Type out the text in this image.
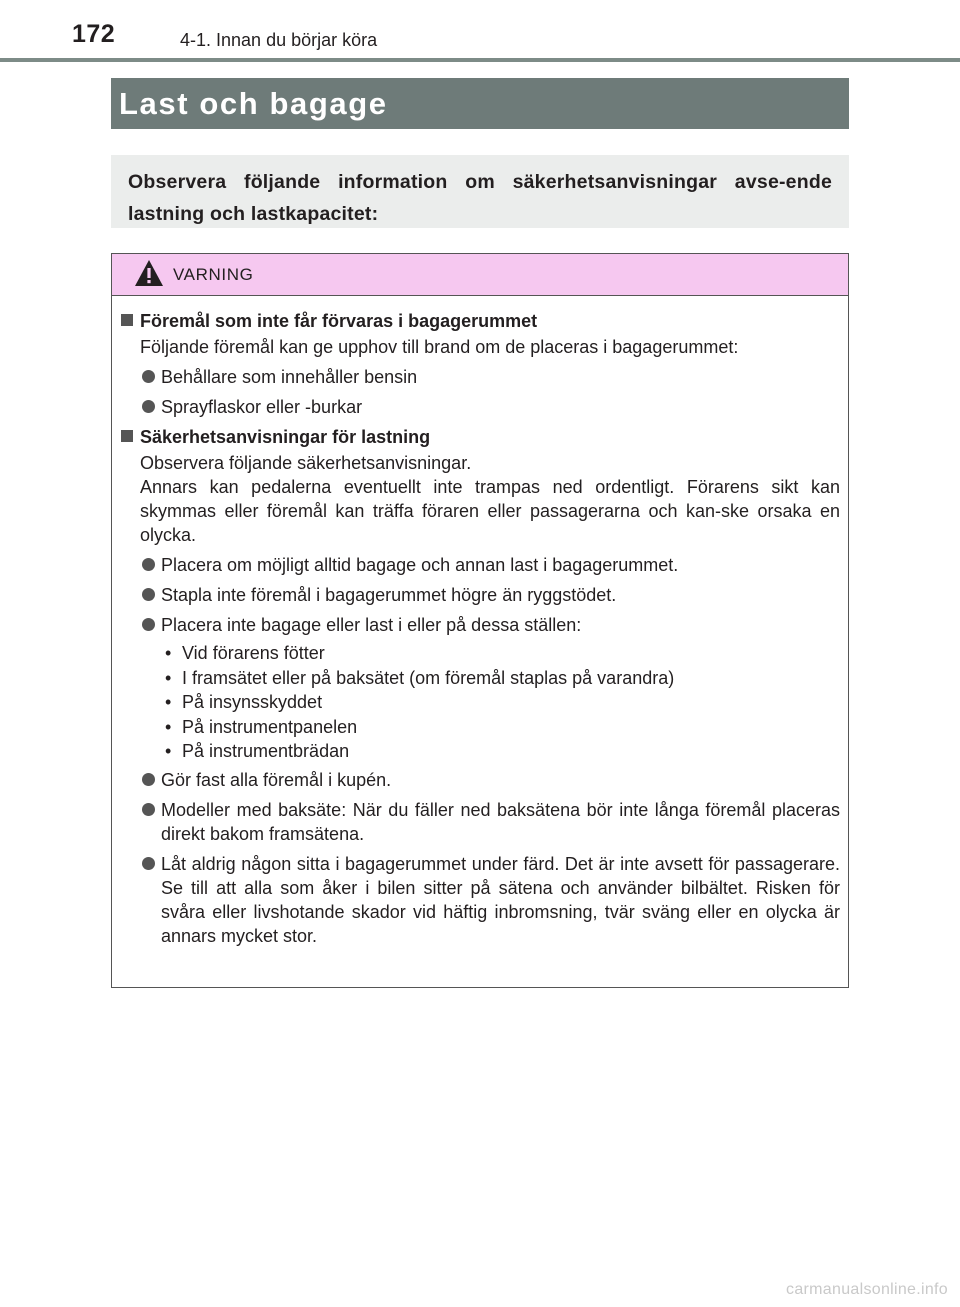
172	4-1. Innan du börjar köra
Last och bagage

Observera följande information om säkerhetsanvisningar avse-ende lastning och lastkapacitet:

VARNING
Föremål som inte får förvaras i bagagerummet
Följande föremål kan ge upphov till brand om de placeras i bagagerummet:
Behållare som innehåller bensin
Sprayflaskor eller -burkar
Säkerhetsanvisningar för lastning
Observera följande säkerhetsanvisningar.
Annars kan pedalerna eventuellt inte trampas ned ordentligt. Förarens sikt kan skymmas eller föremål kan träffa föraren eller passagerarna och kan-ske orsaka en olycka.
Placera om möjligt alltid bagage och annan last i bagagerummet.
Stapla inte föremål i bagagerummet högre än ryggstödet.
Placera inte bagage eller last i eller på dessa ställen:
• Vid förarens fötter
• I framsätet eller på baksätet (om föremål staplas på varandra)
• På insynsskyddet
• På instrumentpanelen
• På instrumentbrädan
Gör fast alla föremål i kupén.
Modeller med baksäte: När du fäller ned baksätena bör inte långa föremål placeras direkt bakom framsätena.
Låt aldrig någon sitta i bagagerummet under färd. Det är inte avsett för passagerare. Se till att alla som åker i bilen sitter på sätena och använder bilbältet. Risken för svåra eller livshotande skador vid häftig inbromsning, tvär sväng eller en olycka är annars mycket stor.
carmanualsonline.info
